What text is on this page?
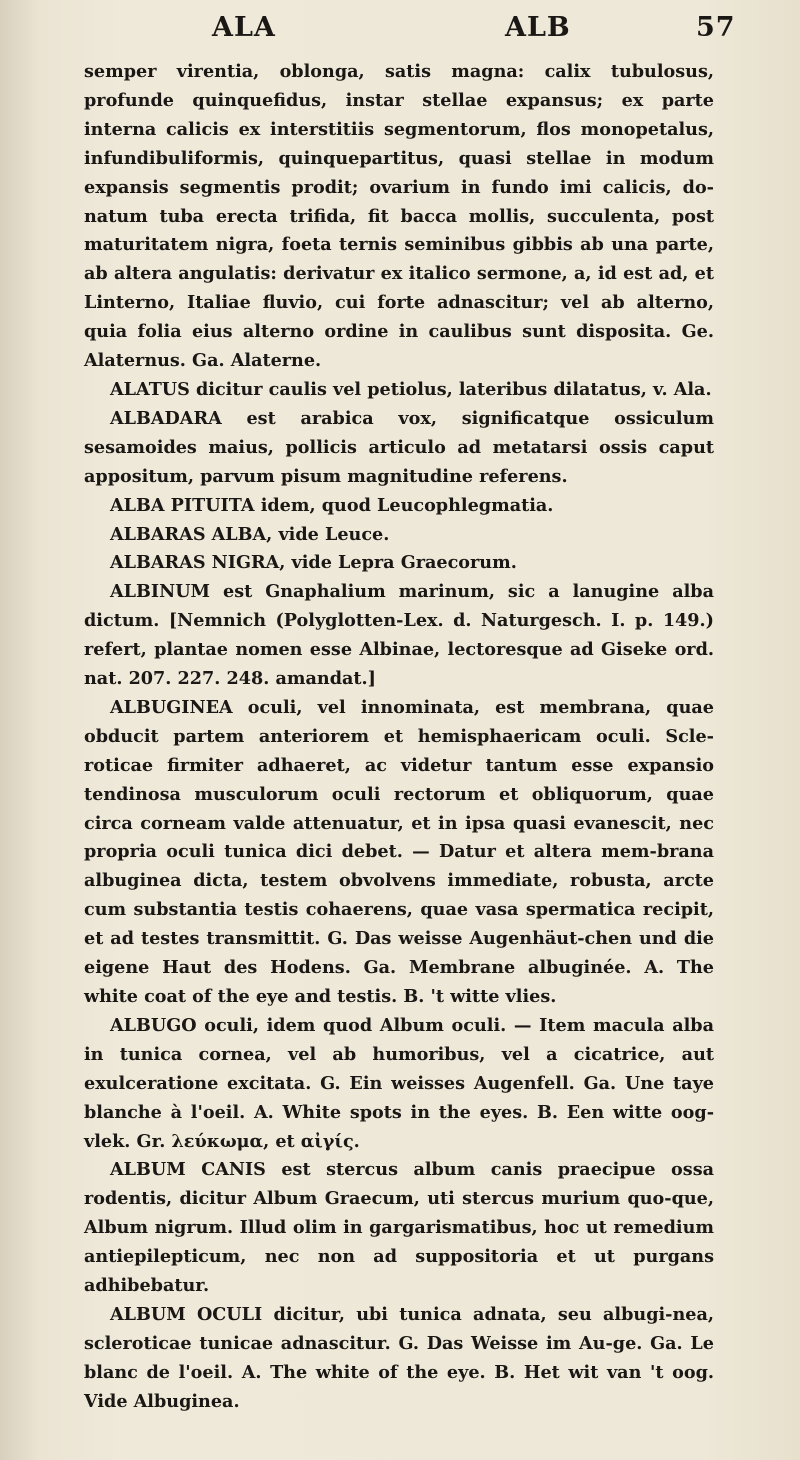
ALA	ALB	57

semper virentia, oblonga, satis magna: calix tubulosus, profunde quinquefidus, instar stellae expansus; ex parte interna calicis ex interstitiis segmentorum, flos monopetalus, infundibuliformis, quinquepartitus, quasi stellae in modum expansis segmentis prodit; ovarium in fundo imi calicis, do-natum tuba erecta trifida, fit bacca mollis, succulenta, post maturitatem nigra, foeta ternis seminibus gibbis ab una parte, ab altera angulatis: derivatur ex italico sermone, a, id est ad, et Linterno, Italiae fluvio, cui forte adnascitur; vel ab alterno, quia folia eius alterno ordine in caulibus sunt disposita. Ge. Alaternus. Ga. Alaterne.

ALATUS dicitur caulis vel petiolus, lateribus dilatatus, v. Ala.

ALBADARA est arabica vox, significatque ossiculum sesamoides maius, pollicis articulo ad metatarsi ossis caput appositum, parvum pisum magnitudine referens.

ALBA PITUITA idem, quod Leucophlegmatia.

ALBARAS ALBA, vide Leuce.

ALBARAS NIGRA, vide Lepra Graecorum.

ALBINUM est Gnaphalium marinum, sic a lanugine alba dictum. [Nemnich (Polyglotten-Lex. d. Naturgesch. I. p. 149.) refert, plantae nomen esse Albinae, lectoresque ad Giseke ord. nat. 207. 227. 248. amandat.]

ALBUGINEA oculi, vel innominata, est membrana, quae obducit partem anteriorem et hemisphaericam oculi. Scle-roticae firmiter adhaeret, ac videtur tantum esse expansio tendinosa musculorum oculi rectorum et obliquorum, quae circa corneam valde attenuatur, et in ipsa quasi evanescit, nec propria oculi tunica dici debet. — Datur et altera mem-brana albuginea dicta, testem obvolvens immediate, robusta, arcte cum substantia testis cohaerens, quae vasa spermatica recipit, et ad testes transmittit. G. Das weisse Augenhäut-chen und die eigene Haut des Hodens. Ga. Membrane albuginée. A. The white coat of the eye and testis. B. 't witte vlies.

ALBUGO oculi, idem quod Album oculi. — Item macula alba in tunica cornea, vel ab humoribus, vel a cicatrice, aut exulceratione excitata. G. Ein weisses Augenfell. Ga. Une taye blanche à l'oeil. A. White spots in the eyes. B. Een witte oog-vlek. Gr. λεύκωμα, et αἰγίς.

ALBUM CANIS est stercus album canis praecipue ossa rodentis, dicitur Album Graecum, uti stercus murium quo-que, Album nigrum. Illud olim in gargarismatibus, hoc ut remedium antiepilepticum, nec non ad suppositoria et ut purgans adhibebatur.

ALBUM OCULI dicitur, ubi tunica adnata, seu albugi-nea, scleroticae tunicae adnascitur. G. Das Weisse im Au-ge. Ga. Le blanc de l'oeil. A. The white of the eye. B. Het wit van 't oog. Vide Albuginea.
